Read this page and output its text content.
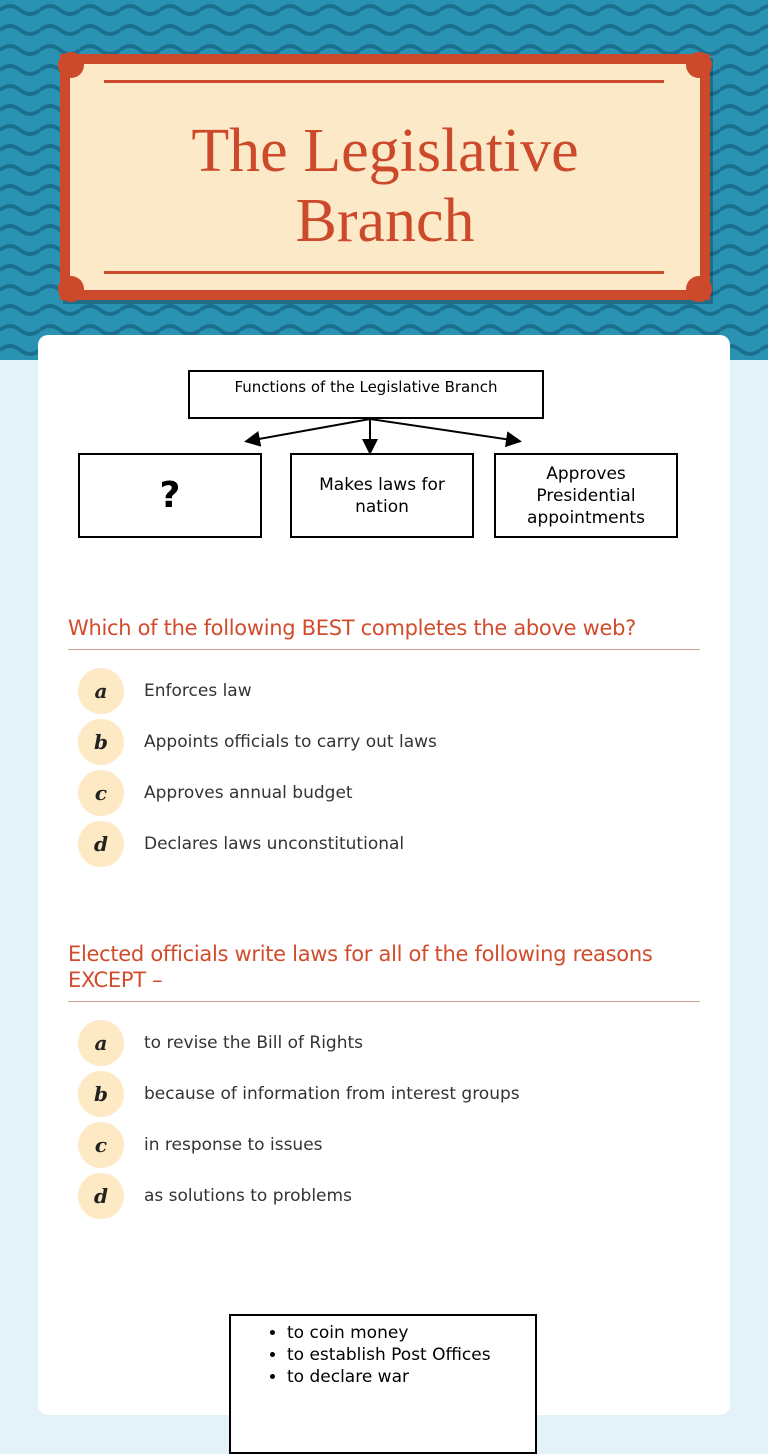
The Legislative
Branch
Functions of the Legislative Branch
?	Makes laws for nation
Approves Presidential appointments
Which of the following BEST completes the above web?
a	Enforces law
b	Appoints officials to carry out laws
c	Approves annual budget
d	Declares laws unconstitutional
Elected officials write laws for all of the following reasons EXCEPT –
a	to revise the Bill of Rights
b	because of information from interest groups
c	in response to issues
d	as solutions to problems
• to coin money
• to establish Post Offices
• to declare war
